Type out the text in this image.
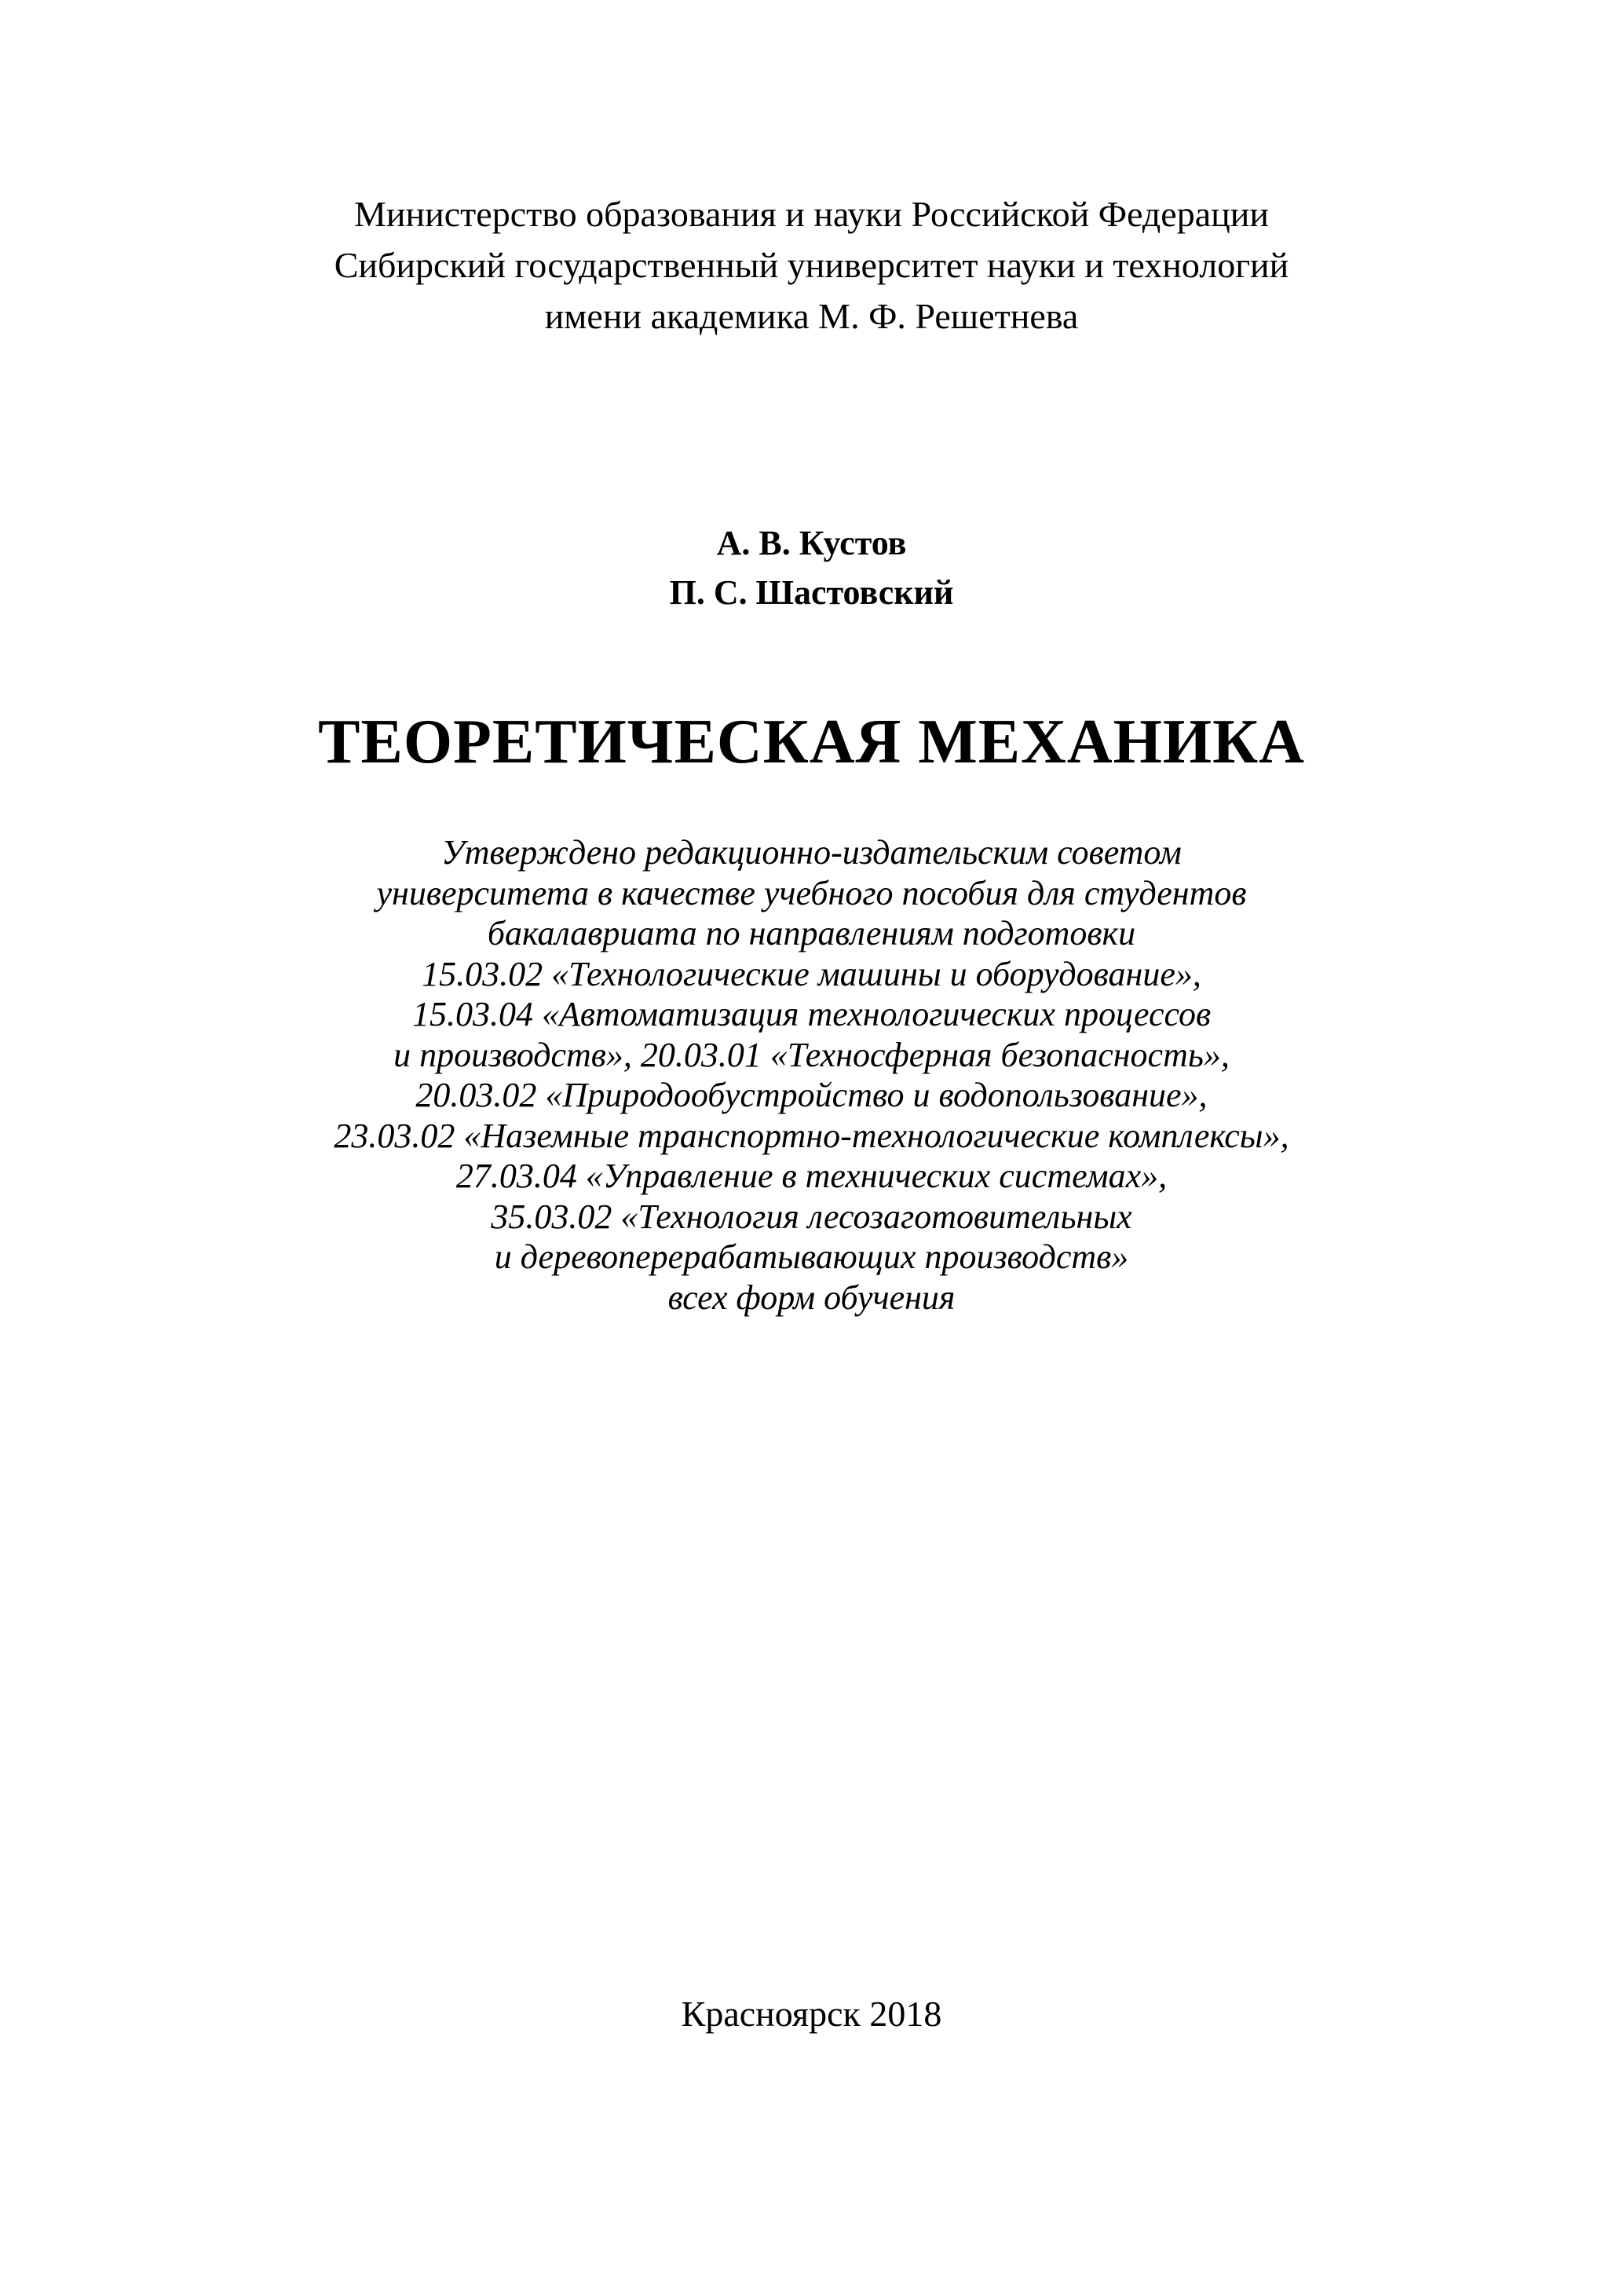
Министерство образования и науки Российской Федерации
Сибирский государственный университет науки и технологий
имени академика М. Ф. Решетнева
А. В. Кустов
П. С. Шастовский
ТЕОРЕТИЧЕСКАЯ МЕХАНИКА
Утверждено редакционно-издательским советом
университета в качестве учебного пособия для студентов
бакалавриата по направлениям подготовки
15.03.02 «Технологические машины и оборудование»,
15.03.04 «Автоматизация технологических процессов
и производств», 20.03.01 «Техносферная безопасность»,
20.03.02 «Природообустройство и водопользование»,
23.03.02 «Наземные транспортно-технологические комплексы»,
27.03.04 «Управление в технических системах»,
35.03.02 «Технология лесозаготовительных
и деревоперерабатывающих производств»
всех форм обучения
Красноярск 2018
